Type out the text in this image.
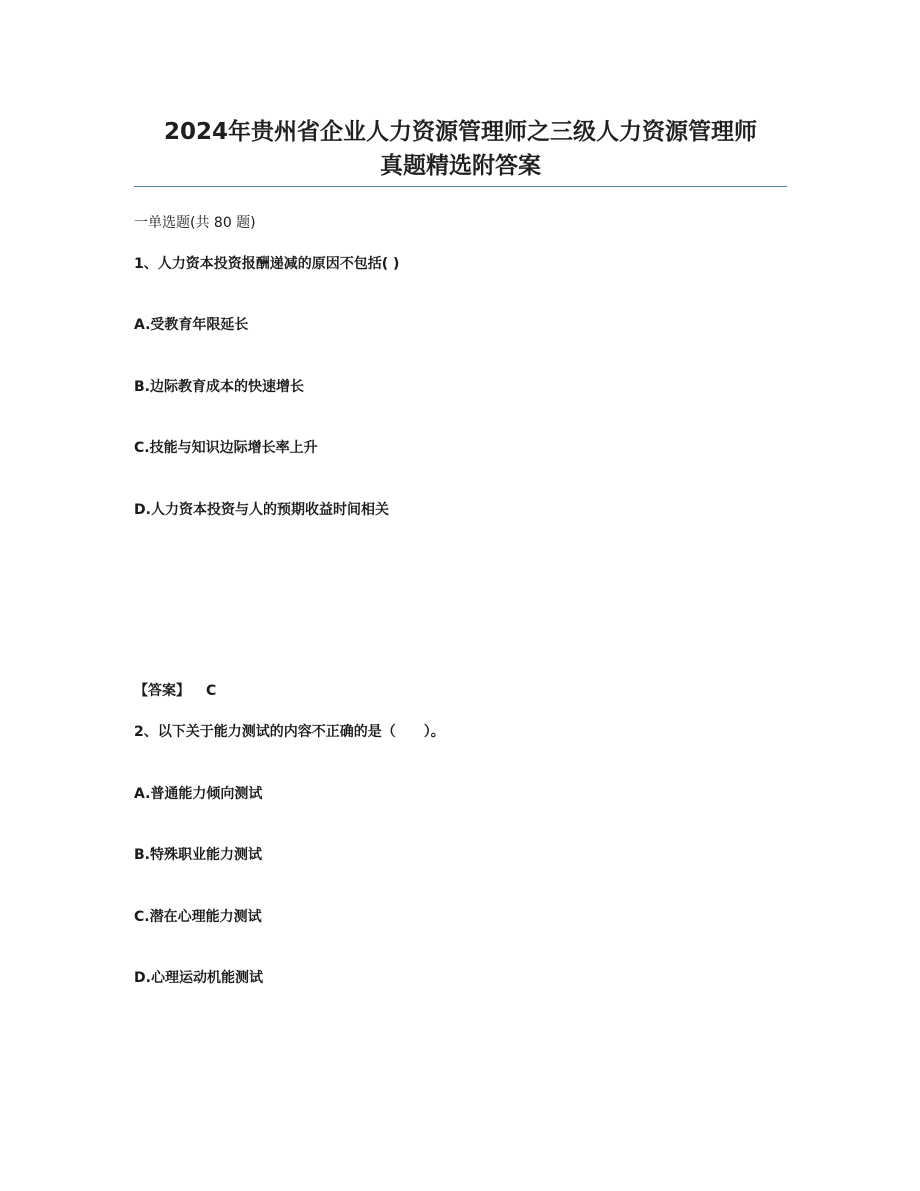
2024年贵州省企业人力资源管理师之三级人力资源管理师
真题精选附答案
一单选题(共 80 题)
1、人力资本投资报酬递减的原因不包括( )
A.受教育年限延长
B.边际教育成本的快速增长
C.技能与知识边际增长率上升
D.人力资本投资与人的预期收益时间相关
【答案】 C
2、以下关于能力测试的内容不正确的是（　　）。
A.普通能力倾向测试
B.特殊职业能力测试
C.潜在心理能力测试
D.心理运动机能测试
